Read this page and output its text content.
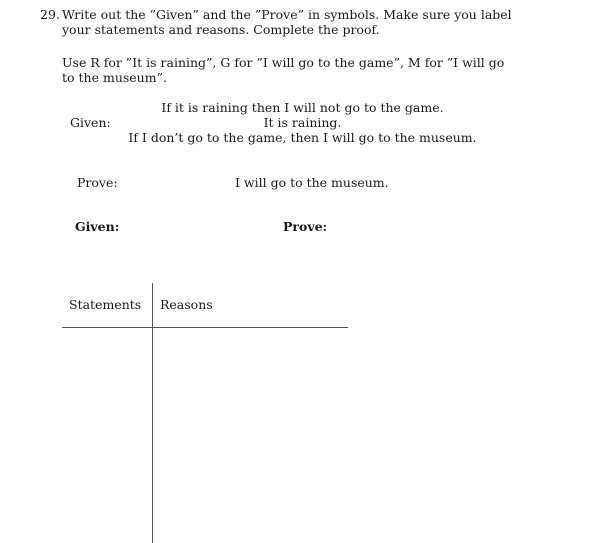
29. Write out the ”Given” and the ”Prove” in symbols. Make sure you label
your statements and reasons. Complete the proof.
Use R for ”It is raining”, G for ”I will go to the game”, M for ”I will go
to the museum”.
Given:
If it is raining then I will not go to the game.
It is raining.
If I don’t go to the game, then I will go to the museum.
Prove:	I will go to the museum.
Given:	Prove:
Statements Reasons
